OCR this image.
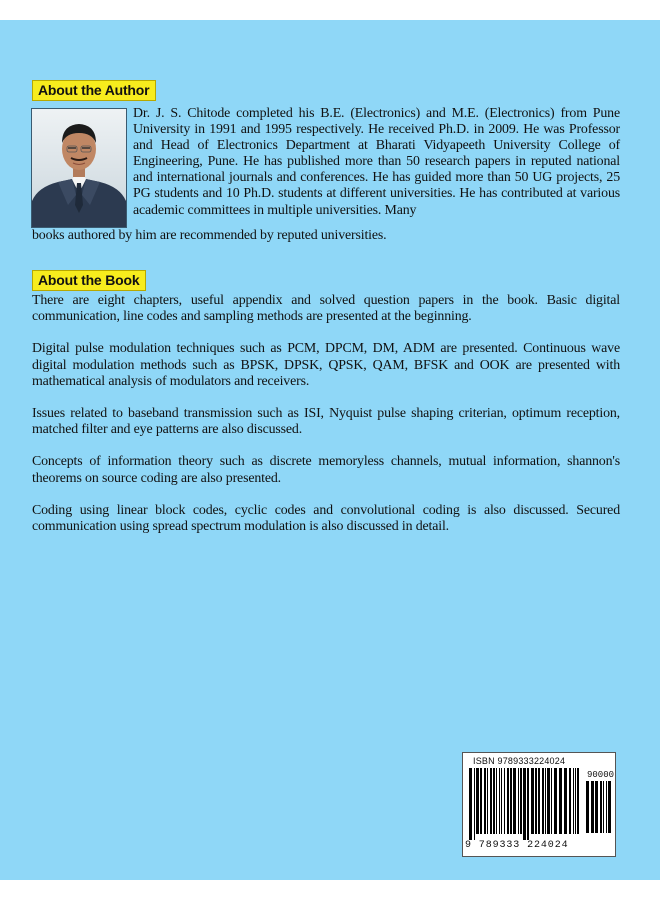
About the Author
Dr. J. S. Chitode completed his B.E. (Electronics) and M.E. (Electronics) from Pune University in 1991 and 1995 respectively. He received Ph.D. in 2009. He was Professor and Head of Electronics Department at Bharati Vidyapeeth University College of Engineering, Pune. He has published more than 50 research papers in reputed national and international journals and conferences. He has guided more than 50 UG projects, 25 PG students and 10 Ph.D. students at different universities. He has contributed at various academic committees in multiple universities. Many
books authored by him are recommended by reputed universities.
About the Book

There are eight chapters, useful appendix and solved question papers in the book. Basic digital communication, line codes and sampling methods are presented at the beginning.

Digital pulse modulation techniques such as PCM, DPCM, DM, ADM are presented. Continuous wave digital modulation methods such as BPSK, DPSK, QPSK, QAM, BFSK and OOK are presented with mathematical analysis of modulators and receivers.

Issues related to baseband transmission such as ISI, Nyquist pulse shaping criterian, optimum reception, matched filter and eye patterns are also discussed.

Concepts of information theory such as discrete memoryless channels, mutual information, shannon's theorems on source coding are also presented.

Coding using linear block codes, cyclic codes and convolutional coding is also discussed. Secured communication using spread spectrum modulation is also discussed in detail.

ISBN 9789333224024
90000
9 789333 224024
